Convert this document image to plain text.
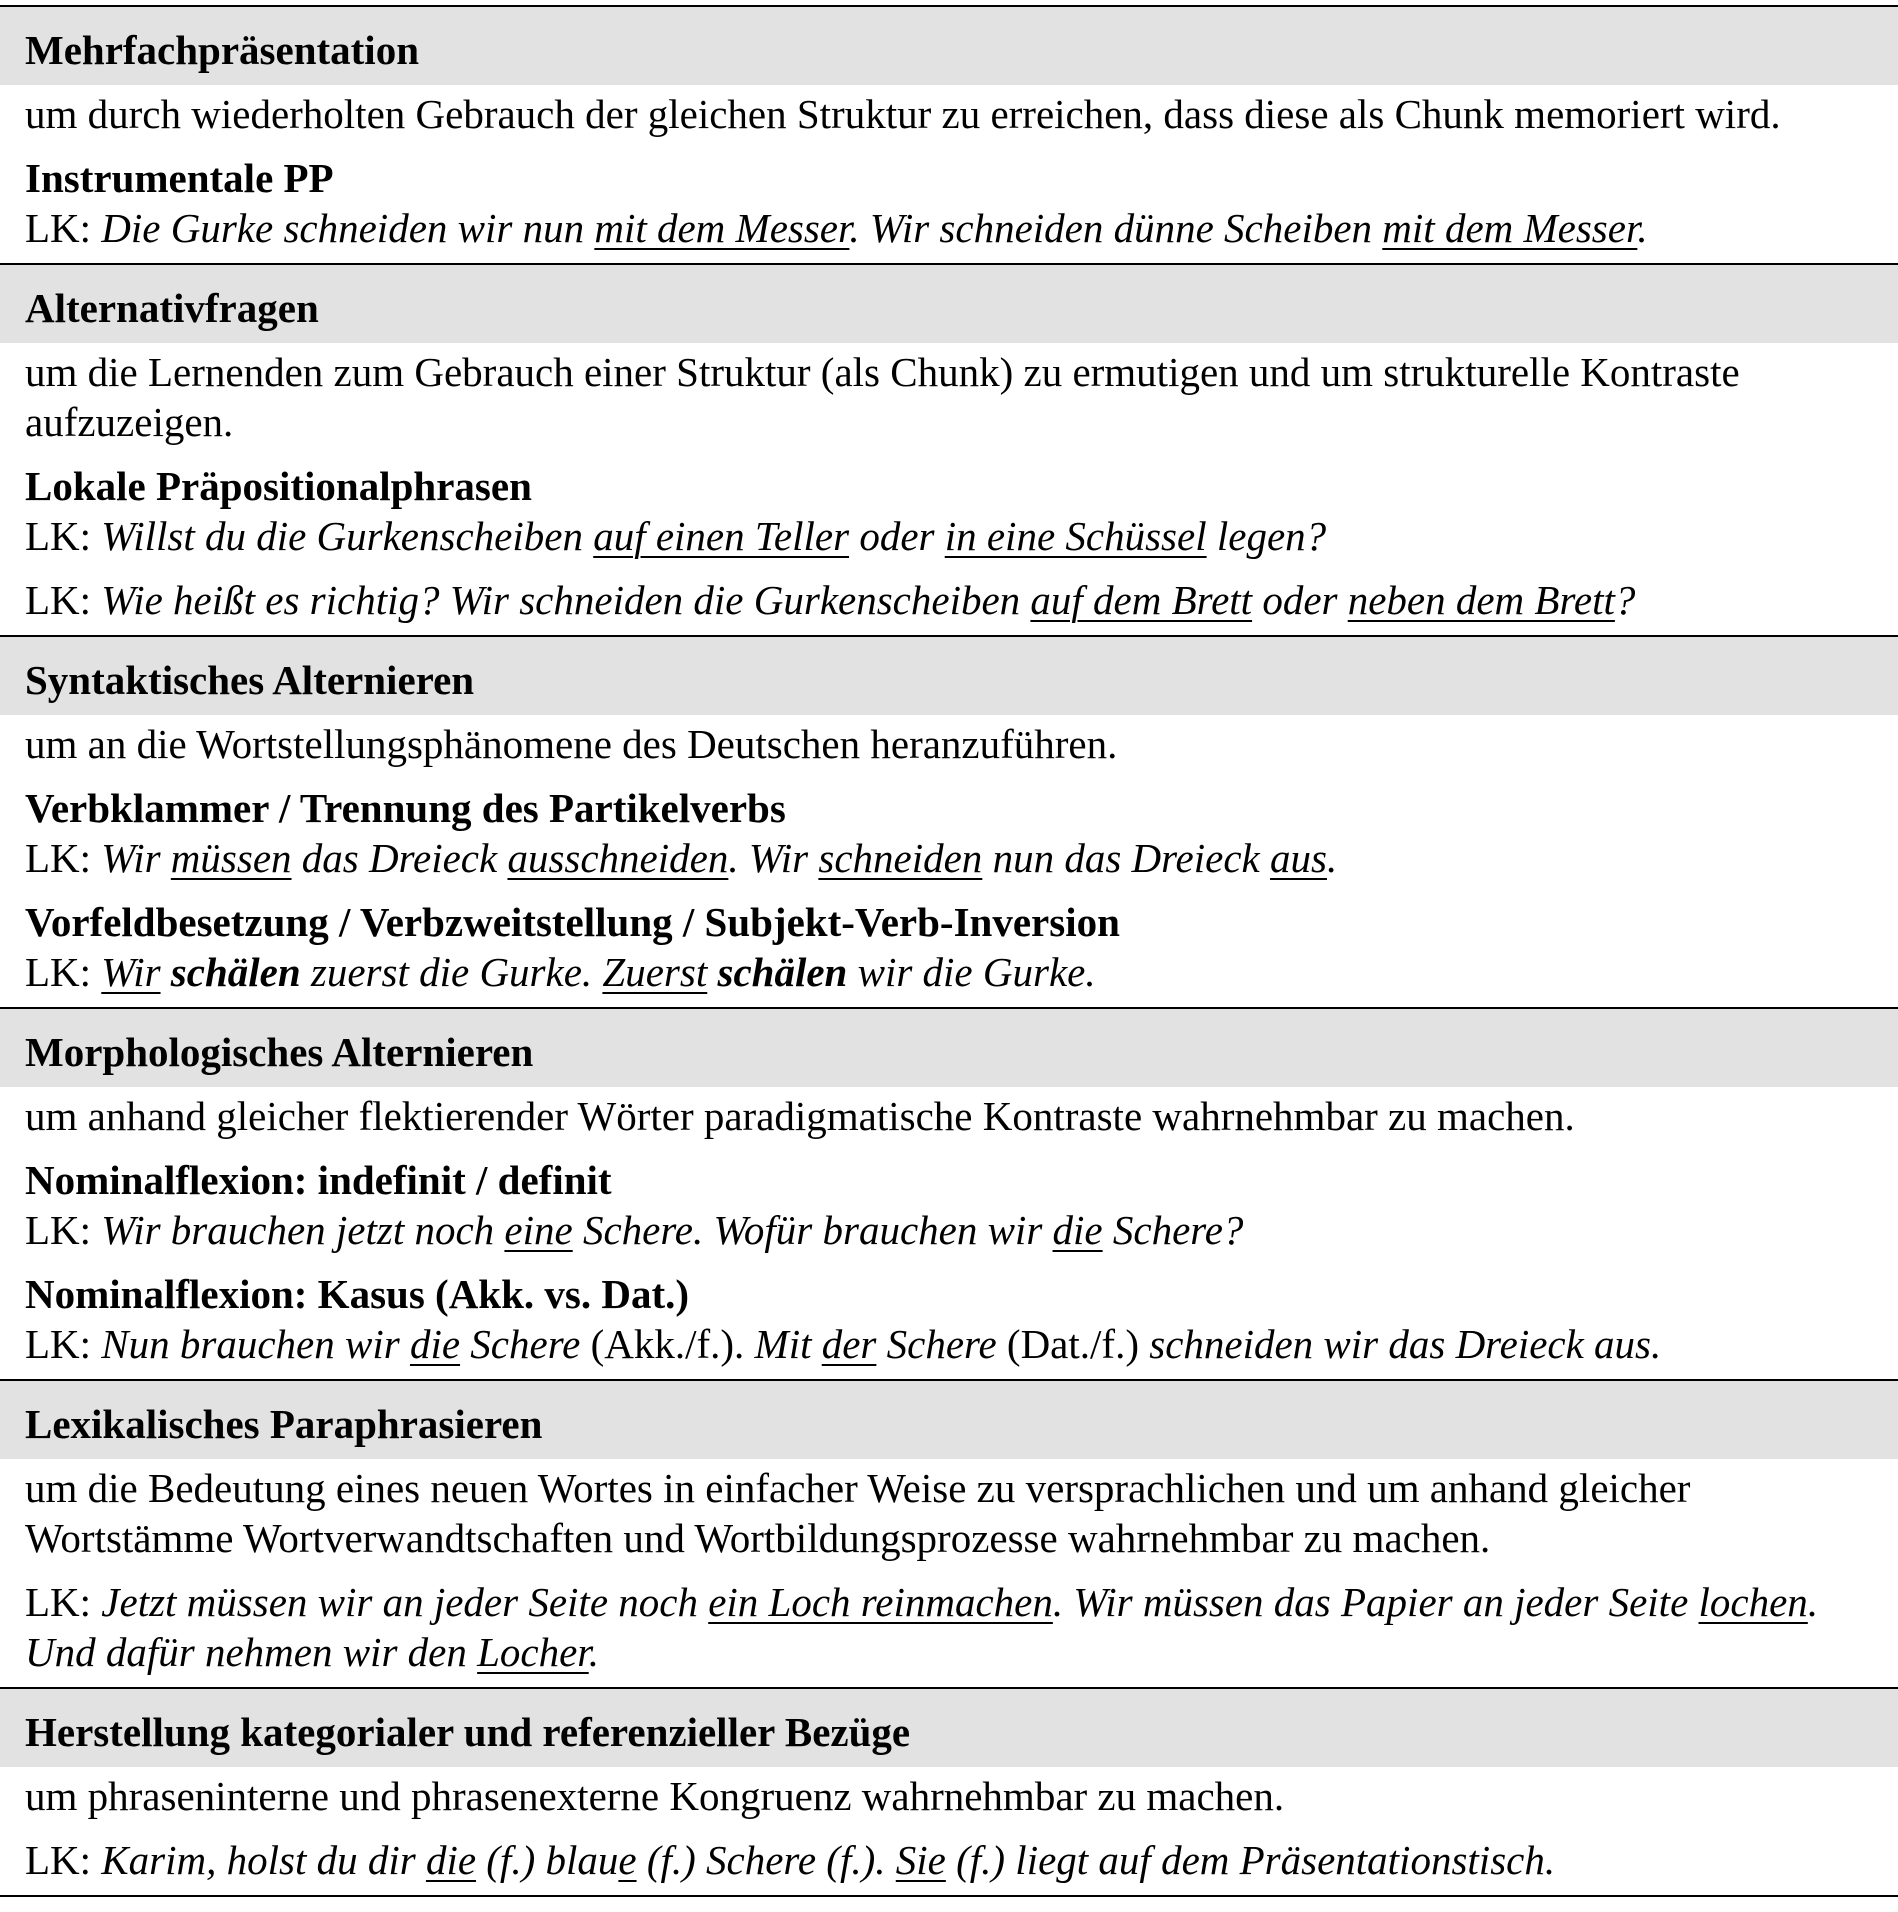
Mehrfachpräsentation
um durch wiederholten Gebrauch der gleichen Struktur zu erreichen, dass diese als Chunk memoriert wird.
Instrumentale PP
LK: Die Gurke schneiden wir nun mit dem Messer. Wir schneiden dünne Scheiben mit dem Messer.
Alternativfragen
um die Lernenden zum Gebrauch einer Struktur (als Chunk) zu ermutigen und um strukturelle Kontraste aufzuzeigen.
Lokale Präpositionalphrasen
LK: Willst du die Gurkenscheiben auf einen Teller oder in eine Schüssel legen?
LK: Wie heißt es richtig? Wir schneiden die Gurkenscheiben auf dem Brett oder neben dem Brett?
Syntaktisches Alternieren
um an die Wortstellungsphänomene des Deutschen heranzuführen.
Verbklammer / Trennung des Partikelverbs
LK: Wir müssen das Dreieck ausschneiden. Wir schneiden nun das Dreieck aus.
Vorfeldbesetzung / Verbzweitstellung / Subjekt-Verb-Inversion
LK: Wir schälen zuerst die Gurke. Zuerst schälen wir die Gurke.
Morphologisches Alternieren
um anhand gleicher flektierender Wörter paradigmatische Kontraste wahrnehmbar zu machen.
Nominalflexion: indefinit / definit
LK: Wir brauchen jetzt noch eine Schere. Wofür brauchen wir die Schere?
Nominalflexion: Kasus (Akk. vs. Dat.)
LK: Nun brauchen wir die Schere (Akk./f.). Mit der Schere (Dat./f.) schneiden wir das Dreieck aus.
Lexikalisches Paraphrasieren
um die Bedeutung eines neuen Wortes in einfacher Weise zu versprachlichen und um anhand gleicher Wortstämme Wortverwandtschaften und Wortbildungsprozesse wahrnehmbar zu machen.
LK: Jetzt müssen wir an jeder Seite noch ein Loch reinmachen. Wir müssen das Papier an jeder Seite lochen. Und dafür nehmen wir den Locher.
Herstellung kategorialer und referenzieller Bezüge
um phraseninterne und phrasenexterne Kongruenz wahrnehmbar zu machen.
LK: Karim, holst du dir die (f.) blaue (f.) Schere (f.). Sie (f.) liegt auf dem Präsentationstisch.
